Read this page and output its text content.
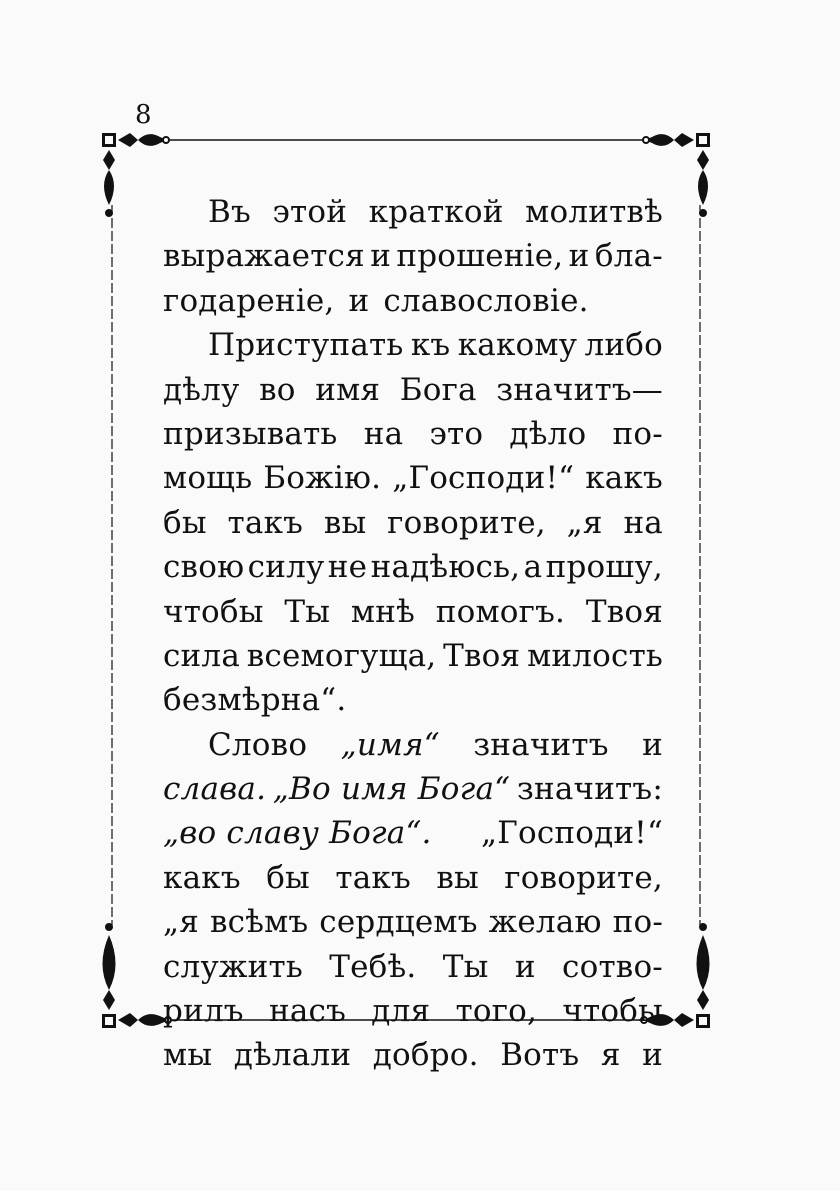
8
Въ этой краткой молитвѣ
выражается и прошеніе, и бла-
годареніе, и славословіе.
Приступать къ какому либо
дѣлу во имя Бога значитъ—
призывать на это дѣло по-
мощь Божію. „Господи!“ какъ
бы такъ вы говорите, „я на
свою силу не надѣюсь, а прошу,
чтобы Ты мнѣ помогъ. Твоя
сила всемогуща, Твоя милость
безмѣрна“.
Слово „имя“ значитъ и
слава. „Во имя Бога“ значитъ:
„во славу Бога“. „Господи!“
какъ бы такъ вы говорите,
„я всѣмъ сердцемъ желаю по-
служить Тебѣ. Ты и сотво-
рилъ насъ для того, чтобы
мы дѣлали добро. Вотъ я и
